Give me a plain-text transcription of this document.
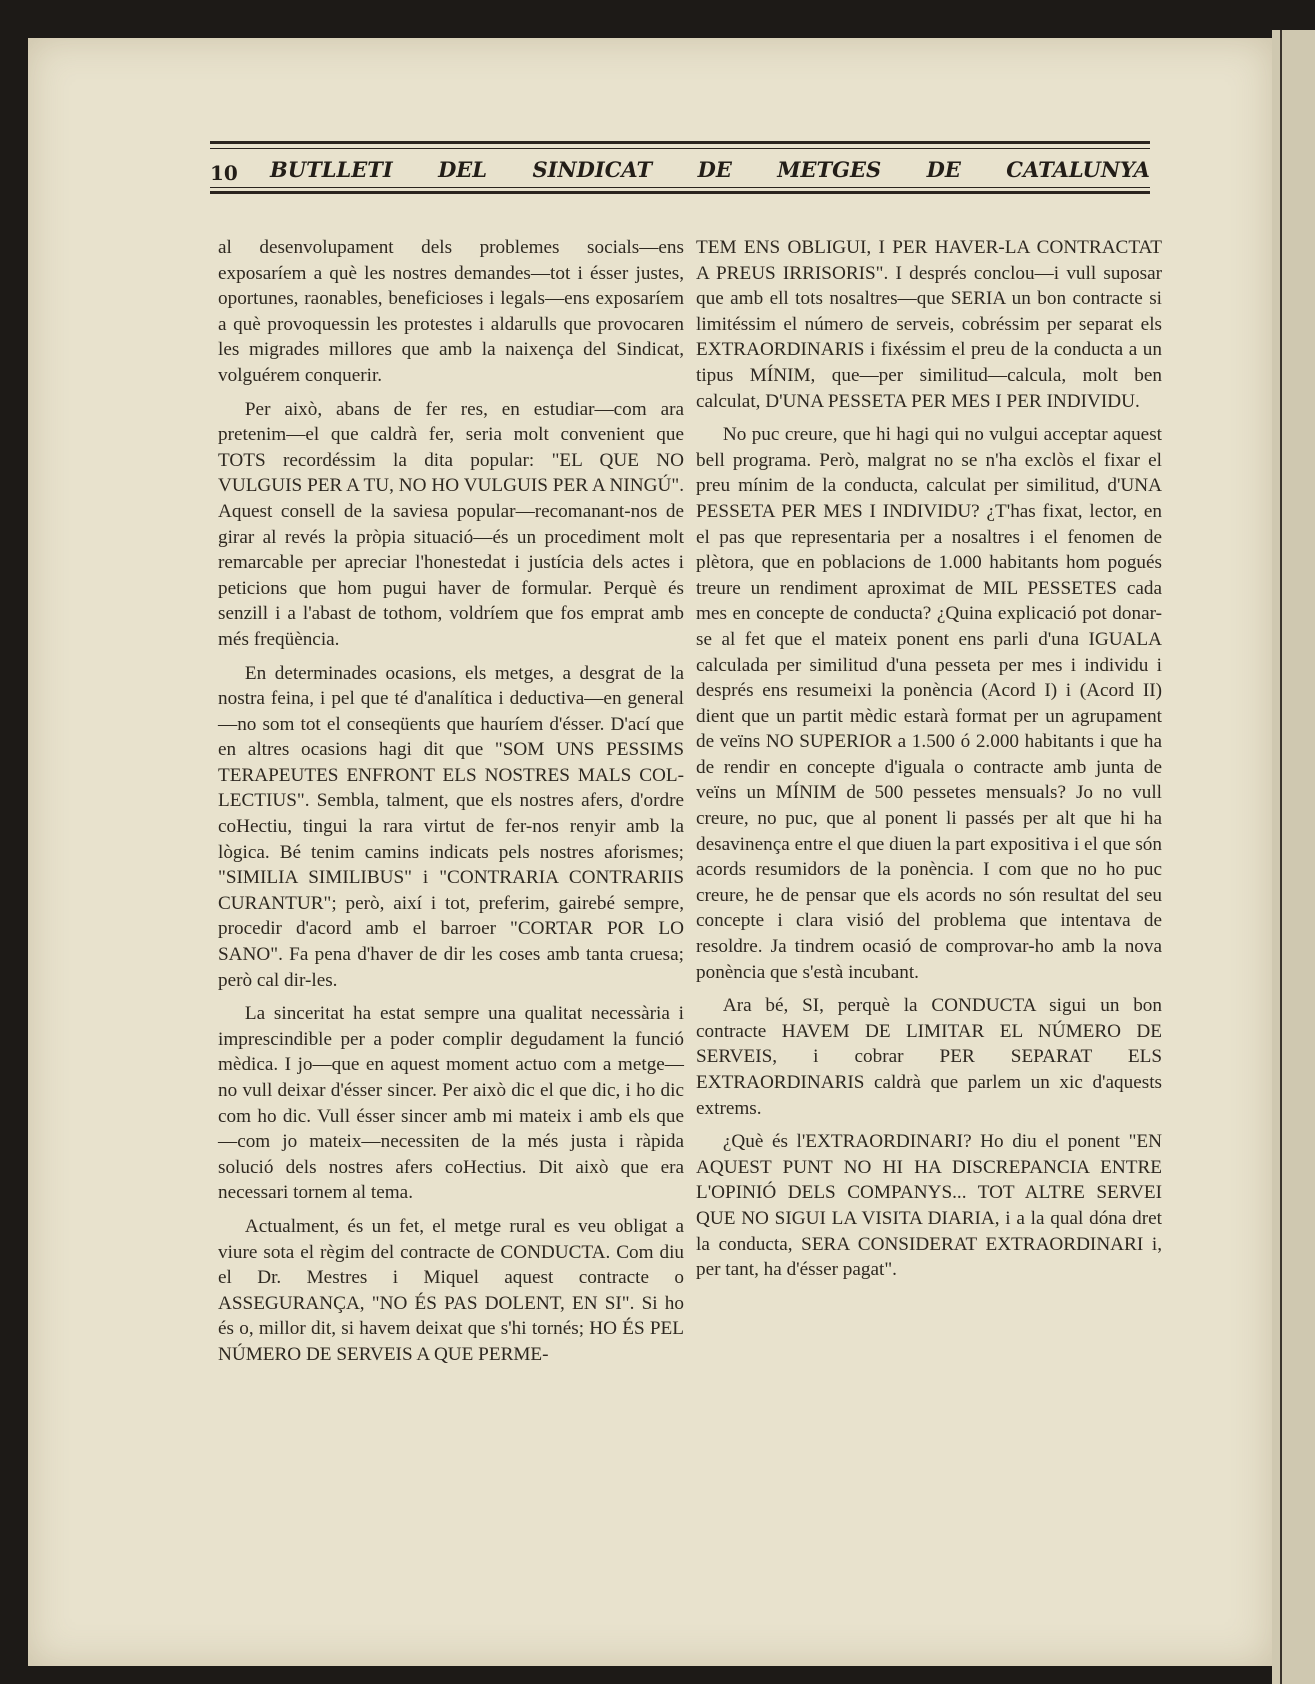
10 BUTLLETI DEL SINDICAT DE METGES DE CATALUNYA

al desenvolupament dels problemes socials—ens exposaríem a què les nostres demandes—tot i ésser justes, oportunes, raonables, beneficioses i legals—ens exposaríem a què provoquessin les protestes i aldarulls que provocaren les migrades millores que amb la naixença del Sindicat, volguérem conquerir.

Per això, abans de fer res, en estudiar—com ara pretenim—el que caldrà fer, seria molt convenient que TOTS recordéssim la dita popular: "EL QUE NO VULGUIS PER A TU, NO HO VULGUIS PER A NINGÚ". Aquest consell de la saviesa popular—recomanant-nos de girar al revés la pròpia situació—és un procediment molt remarcable per apreciar l'honestedat i justícia dels actes i peticions que hom pugui haver de formular. Perquè és senzill i a l'abast de tothom, voldríem que fos emprat amb més freqüència.

En determinades ocasions, els metges, a desgrat de la nostra feina, i pel que té d'analítica i deductiva—en general—no som tot el conseqüents que hauríem d'ésser. D'ací que en altres ocasions hagi dit que "SOM UNS PESSIMS TERAPEUTES ENFRONT ELS NOSTRES MALS COL-LECTIUS". Sembla, talment, que els nostres afers, d'ordre coHectiu, tingui la rara virtut de fer-nos renyir amb la lògica. Bé tenim camins indicats pels nostres aforismes; "SIMILIA SIMILIBUS" i "CONTRARIA CONTRARIIS CURANTUR"; però, així i tot, preferim, gairebé sempre, procedir d'acord amb el barroer "CORTAR POR LO SANO". Fa pena d'haver de dir les coses amb tanta cruesa; però cal dir-les.

La sinceritat ha estat sempre una qualitat necessària i imprescindible per a poder complir degudament la funció mèdica. I jo—que en aquest moment actuo com a metge—no vull deixar d'ésser sincer. Per això dic el que dic, i ho dic com ho dic. Vull ésser sincer amb mi mateix i amb els que—com jo mateix—necessiten de la més justa i ràpida solució dels nostres afers coHectius. Dit això que era necessari tornem al tema.

Actualment, és un fet, el metge rural es veu obligat a viure sota el règim del contracte de CONDUCTA. Com diu el Dr. Mestres i Miquel aquest contracte o ASSEGURANÇA, "NO ÉS PAS DOLENT, EN SI". Si ho és o, millor dit, si havem deixat que s'hi tornés; HO ÉS PEL NÚMERO DE SERVEIS A QUE PERME-

TEM ENS OBLIGUI, I PER HAVER-LA CONTRACTAT A PREUS IRRISORIS". I després conclou—i vull suposar que amb ell tots nosaltres—que SERIA un bon contracte si limitéssim el número de serveis, cobréssim per separat els EXTRAORDINARIS i fixéssim el preu de la conducta a un tipus MÍNIM, que—per similitud—calcula, molt ben calculat, D'UNA PESSETA PER MES I PER INDIVIDU.

No puc creure, que hi hagi qui no vulgui acceptar aquest bell programa. Però, malgrat no se n'ha exclòs el fixar el preu mínim de la conducta, calculat per similitud, d'UNA PESSETA PER MES I INDIVIDU? ¿T'has fixat, lector, en el pas que representaria per a nosaltres i el fenomen de plètora, que en poblacions de 1.000 habitants hom pogués treure un rendiment aproximat de MIL PESSETES cada mes en concepte de conducta? ¿Quina explicació pot donar-se al fet que el mateix ponent ens parli d'una IGUALA calculada per similitud d'una pesseta per mes i individu i després ens resumeixi la ponència (Acord I) i (Acord II) dient que un partit mèdic estarà format per un agrupament de veïns NO SUPERIOR a 1.500 ó 2.000 habitants i que ha de rendir en concepte d'iguala o contracte amb junta de veïns un MÍNIM de 500 pessetes mensuals? Jo no vull creure, no puc, que al ponent li passés per alt que hi ha desavinença entre el que diuen la part expositiva i el que són acords resumidors de la ponència. I com que no ho puc creure, he de pensar que els acords no són resultat del seu concepte i clara visió del problema que intentava de resoldre. Ja tindrem ocasió de comprovar-ho amb la nova ponència que s'està incubant.

Ara bé, SI, perquè la CONDUCTA sigui un bon contracte HAVEM DE LIMITAR EL NÚMERO DE SERVEIS, i cobrar PER SEPARAT ELS EXTRAORDINARIS caldrà que parlem un xic d'aquests extrems.

¿Què és l'EXTRAORDINARI? Ho diu el ponent "EN AQUEST PUNT NO HI HA DISCREPANCIA ENTRE L'OPINIÓ DELS COMPANYS... TOT ALTRE SERVEI QUE NO SIGUI LA VISITA DIARIA, i a la qual dóna dret la conducta, SERA CONSIDERAT EXTRAORDINARI i, per tant, ha d'ésser pagat".
